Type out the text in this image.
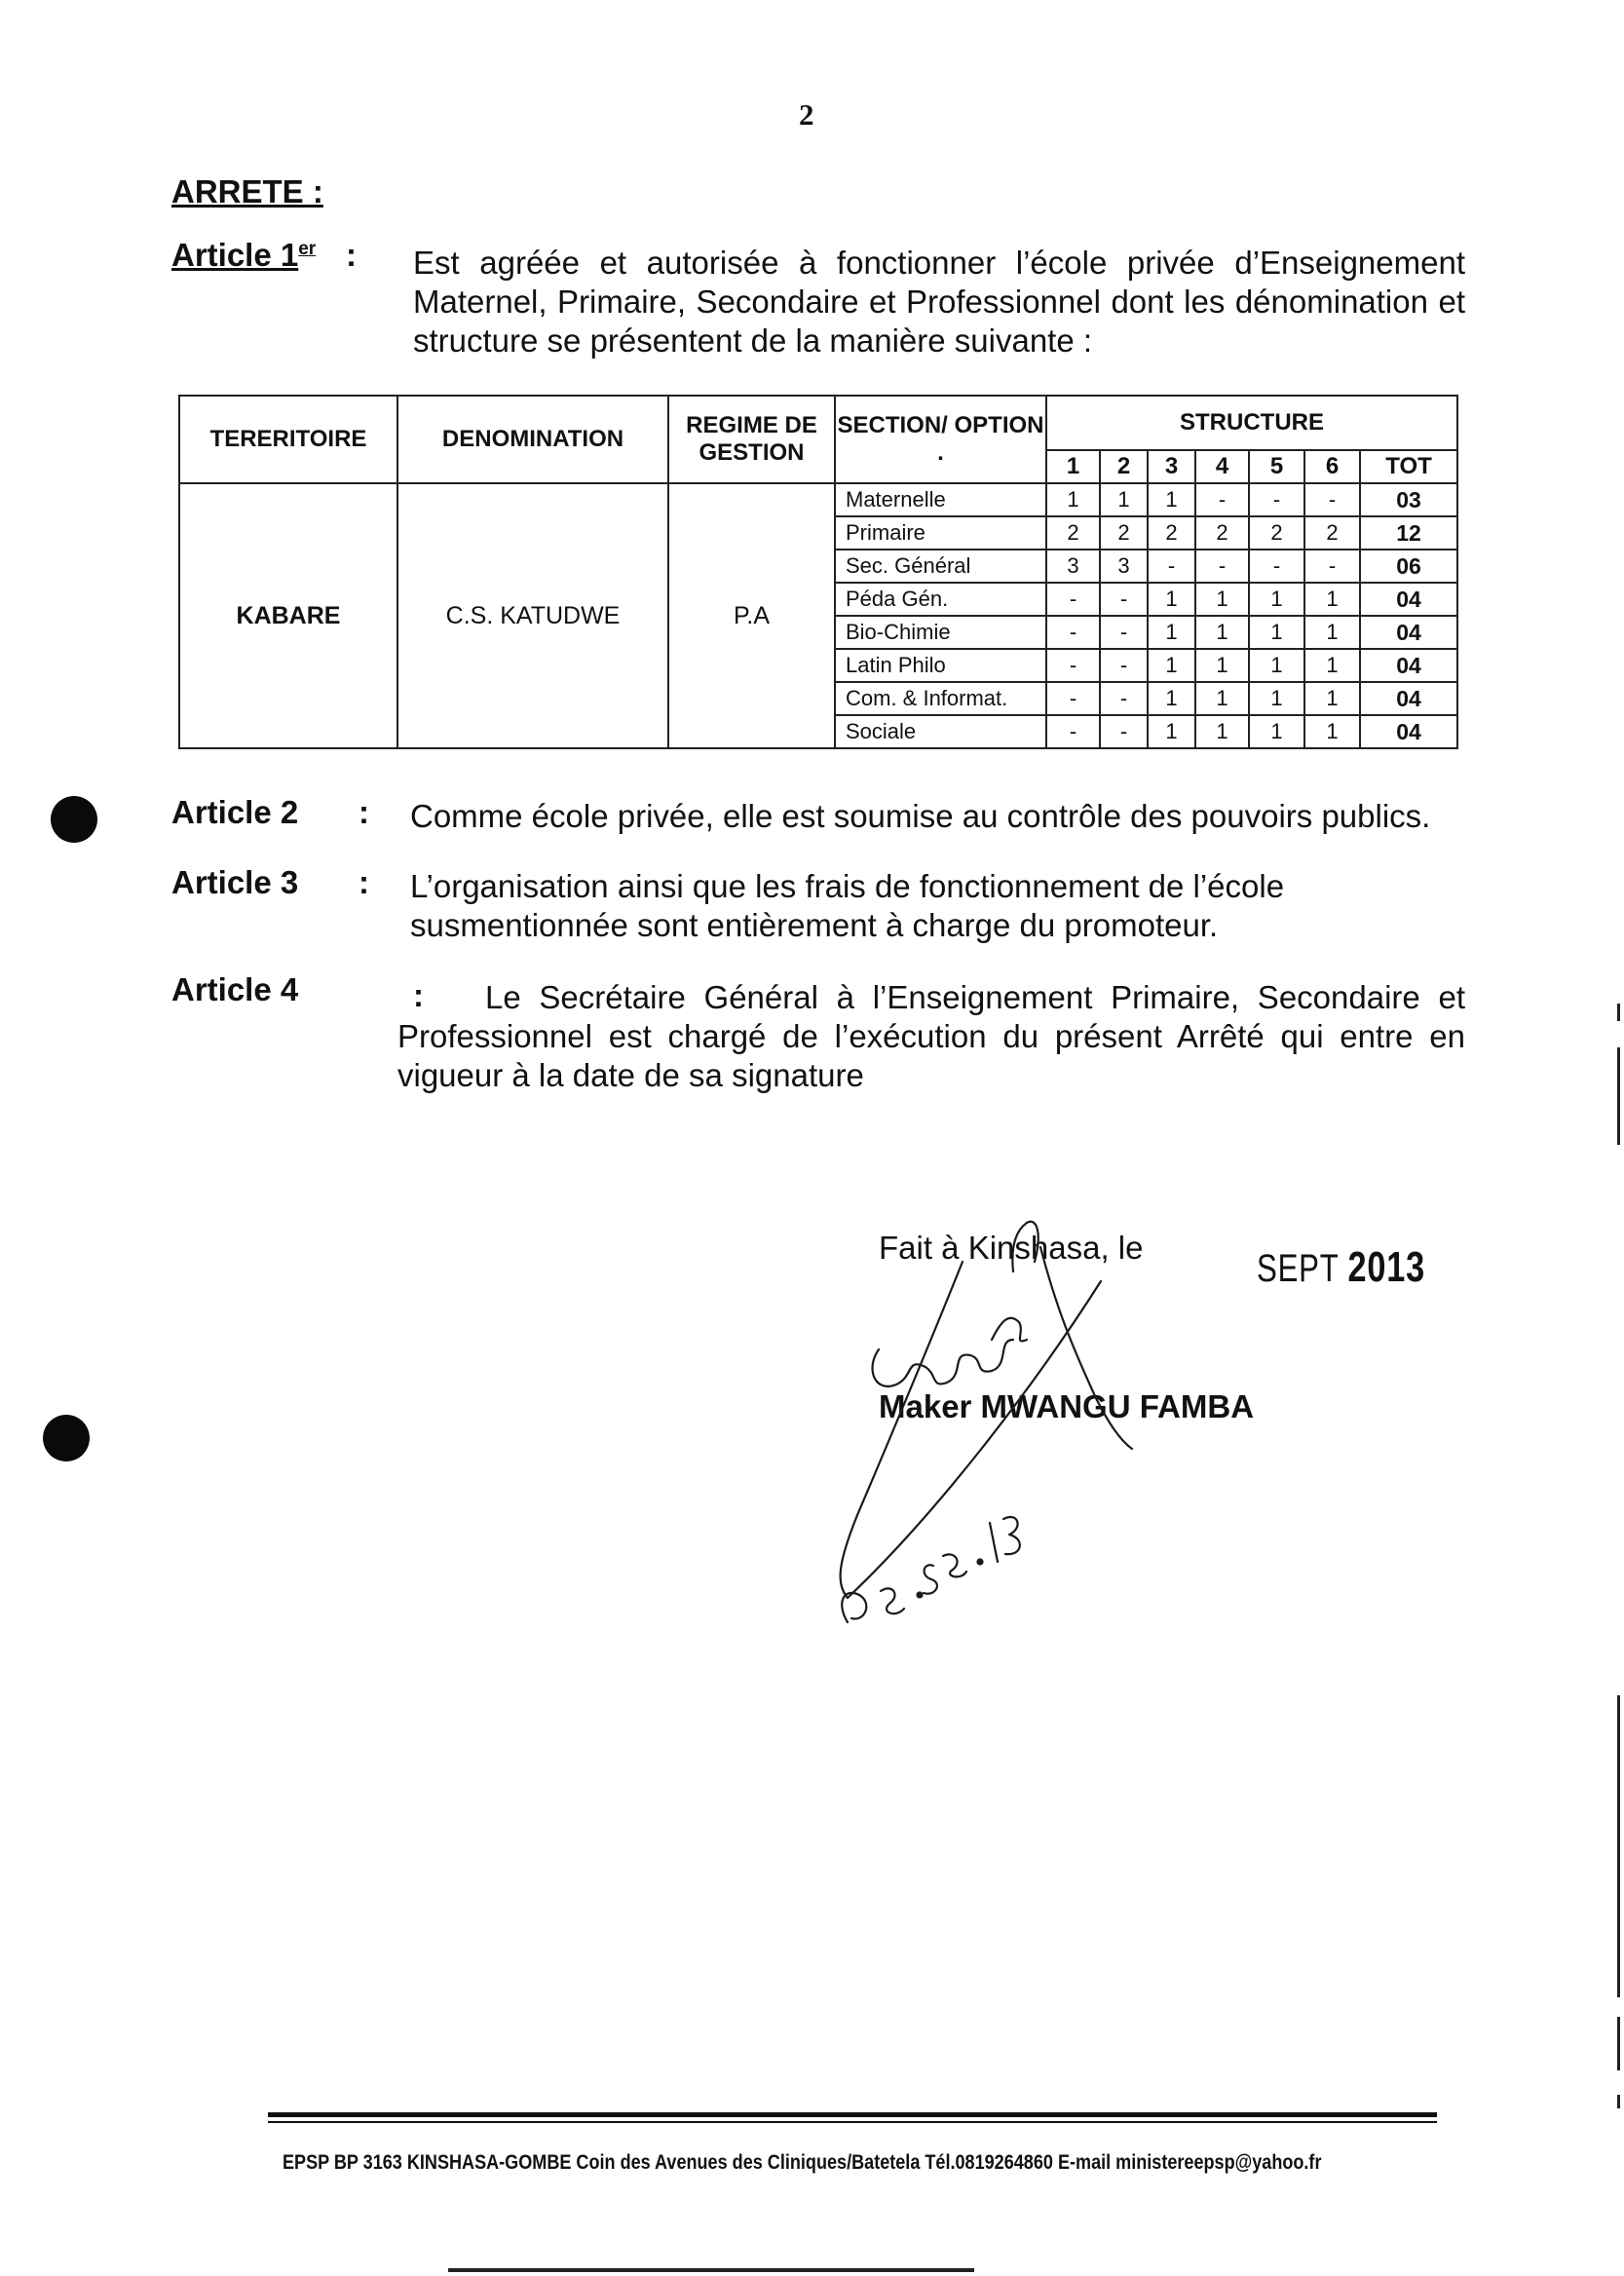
2
ARRETE :
Article 1er : Est agréée et autorisée à fonctionner l’école privée d’Enseignement
Maternel, Primaire, Secondaire et Professionnel dont les dénomination et
structure se présentent de la manière suivante :
TERERITOIRE	DENOMINATION	REGIME DE GESTION	SECTION/ OPTION .	STRUCTURE						
				1	2	3	4	5	6	TOT
KABARE	C.S. KATUDWE	P.A	Maternelle	1	1	1	-	-	-	03
			Primaire	2	2	2	2	2	2	12
			Sec. Général	3	3	-	-	-	-	06
			Péda Gén.	-	-	1	1	1	1	04
			Bio-Chimie	-	-	1	1	1	1	04
			Latin Philo	-	-	1	1	1	1	04
			Com. & Informat.	-	-	1	1	1	1	04
			Sociale	-	-	1	1	1	1	04
Article 2 : Comme école privée, elle est soumise au contrôle des pouvoirs publics.
Article 3 : L’organisation ainsi que les frais de fonctionnement de l’école
susmentionnée sont entièrement à charge du promoteur.
Article 4	:	Le Secrétaire Général à l’Enseignement Primaire, Secondaire et
Professionnel est chargé de l’exécution du présent Arrêté qui entre en
vigueur à la date de sa signature
Fait à Kinshasa, le	SEPT 2013
Maker MWANGU FAMBA
EPSP BP 3163 KINSHASA-GOMBE Coin des Avenues des Cliniques/Batetela Tél.0819264860 E-mail ministereepsp@yahoo.fr
